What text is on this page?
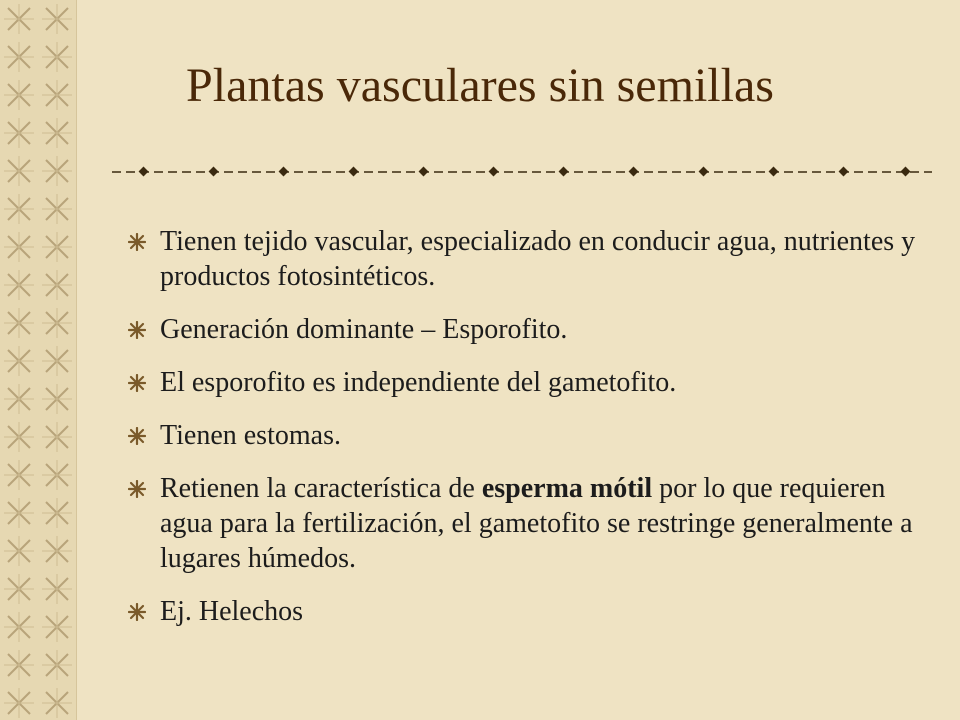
Plantas vasculares sin semillas
Tienen tejido vascular, especializado en conducir agua, nutrientes y productos fotosintéticos.
Generación dominante – Esporofito.
El esporofito es independiente del gametofito.
Tienen estomas.
Retienen la característica de esperma mótil por lo que requieren agua para la fertilización, el gametofito se restringe generalmente a lugares húmedos.
Ej. Helechos
